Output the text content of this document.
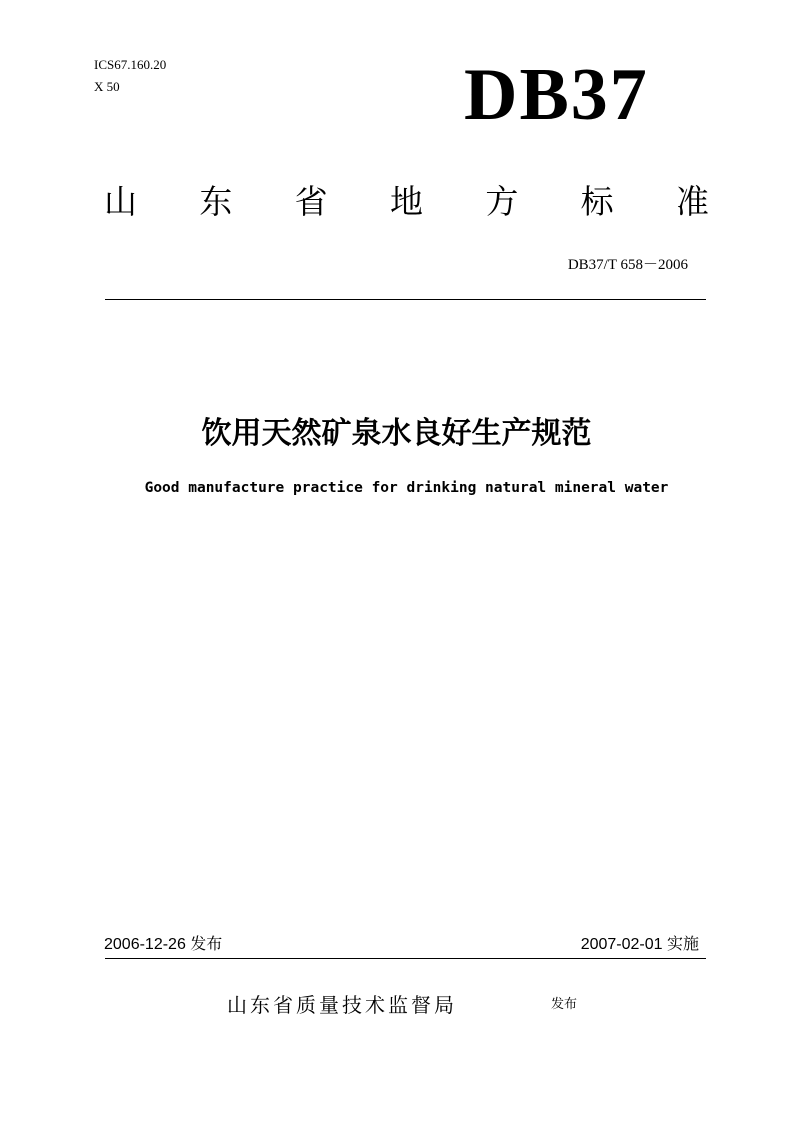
ICS67.160.20
X 50	DB37
山 东 省 地 方 标 准
DB37/T 658－2006
饮用天然矿泉水良好生产规范
Good manufacture practice for drinking natural mineral water
2006-12-26 发布	2007-02-01 实施
山东省质量技术监督局	发布
